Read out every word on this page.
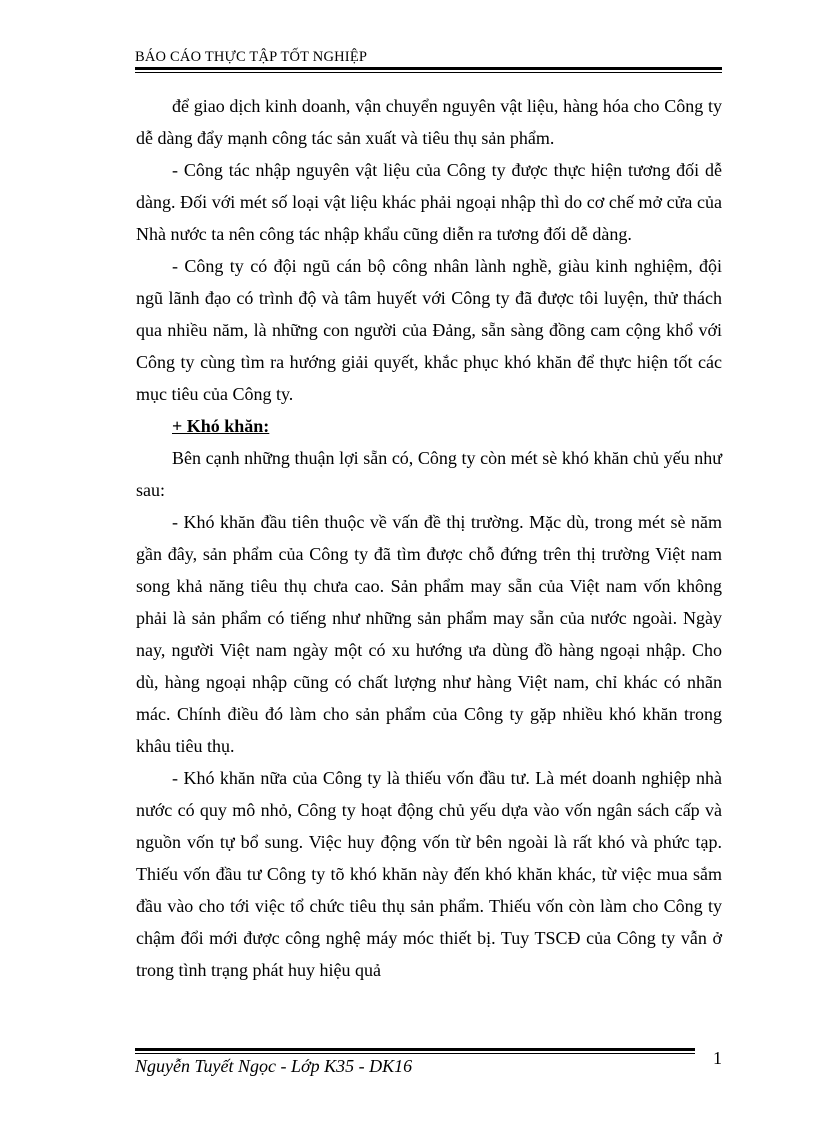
BÁO CÁO THỰC TẬP TỐT NGHIỆP

để giao dịch kinh doanh, vận chuyển nguyên vật liệu, hàng hóa cho Công ty dễ dàng đẩy mạnh công tác sản xuất và tiêu thụ sản phẩm.

- Công tác nhập nguyên vật liệu của Công ty được thực hiện tương đối dễ dàng. Đối với mét số loại vật liệu khác phải ngoại nhập thì do cơ chế mở cửa của Nhà nước ta nên công tác nhập khẩu cũng diễn ra tương đối dễ dàng.

- Công ty có đội ngũ cán bộ công nhân lành nghề, giàu kinh nghiệm, đội ngũ lãnh đạo có trình độ và tâm huyết với Công ty đã được tôi luyện, thử thách qua nhiều năm, là những con người của Đảng, sẵn sàng đồng cam cộng khổ với Công ty cùng tìm ra hướng giải quyết, khắc phục khó khăn để thực hiện tốt các mục tiêu của Công ty.

+ Khó khăn:

Bên cạnh những thuận lợi sẵn có, Công ty còn mét sè khó khăn chủ yếu như sau:

- Khó khăn đầu tiên thuộc về vấn đề thị trường. Mặc dù, trong mét sè năm gần đây, sản phẩm của Công ty đã tìm được chỗ đứng trên thị trường Việt nam song khả năng tiêu thụ chưa cao. Sản phẩm may sẵn của Việt nam vốn không phải là sản phẩm có tiếng như những sản phẩm may sẵn của nước ngoài. Ngày nay, người Việt nam ngày một có xu hướng ưa dùng đồ hàng ngoại nhập. Cho dù, hàng ngoại nhập cũng có chất lượng như hàng Việt nam, chỉ khác có nhãn mác. Chính điều đó làm cho sản phẩm của Công ty gặp nhiều khó khăn trong khâu tiêu thụ.

- Khó khăn nữa của Công ty là thiếu vốn đầu tư. Là mét doanh nghiệp nhà nước có quy mô nhỏ, Công ty hoạt động chủ yếu dựa vào vốn ngân sách cấp và nguồn vốn tự bổ sung. Việc huy động vốn từ bên ngoài là rất khó và phức tạp. Thiếu vốn đầu tư Công ty tõ khó khăn này đến khó khăn khác, từ việc mua sắm đầu vào cho tới việc tổ chức tiêu thụ sản phẩm. Thiếu vốn còn làm cho Công ty chậm đổi mới được công nghệ máy móc thiết bị. Tuy TSCĐ của Công ty vẫn ở trong tình trạng phát huy hiệu quả

Nguyễn Tuyết Ngọc - Lớp K35 - DK16	1
